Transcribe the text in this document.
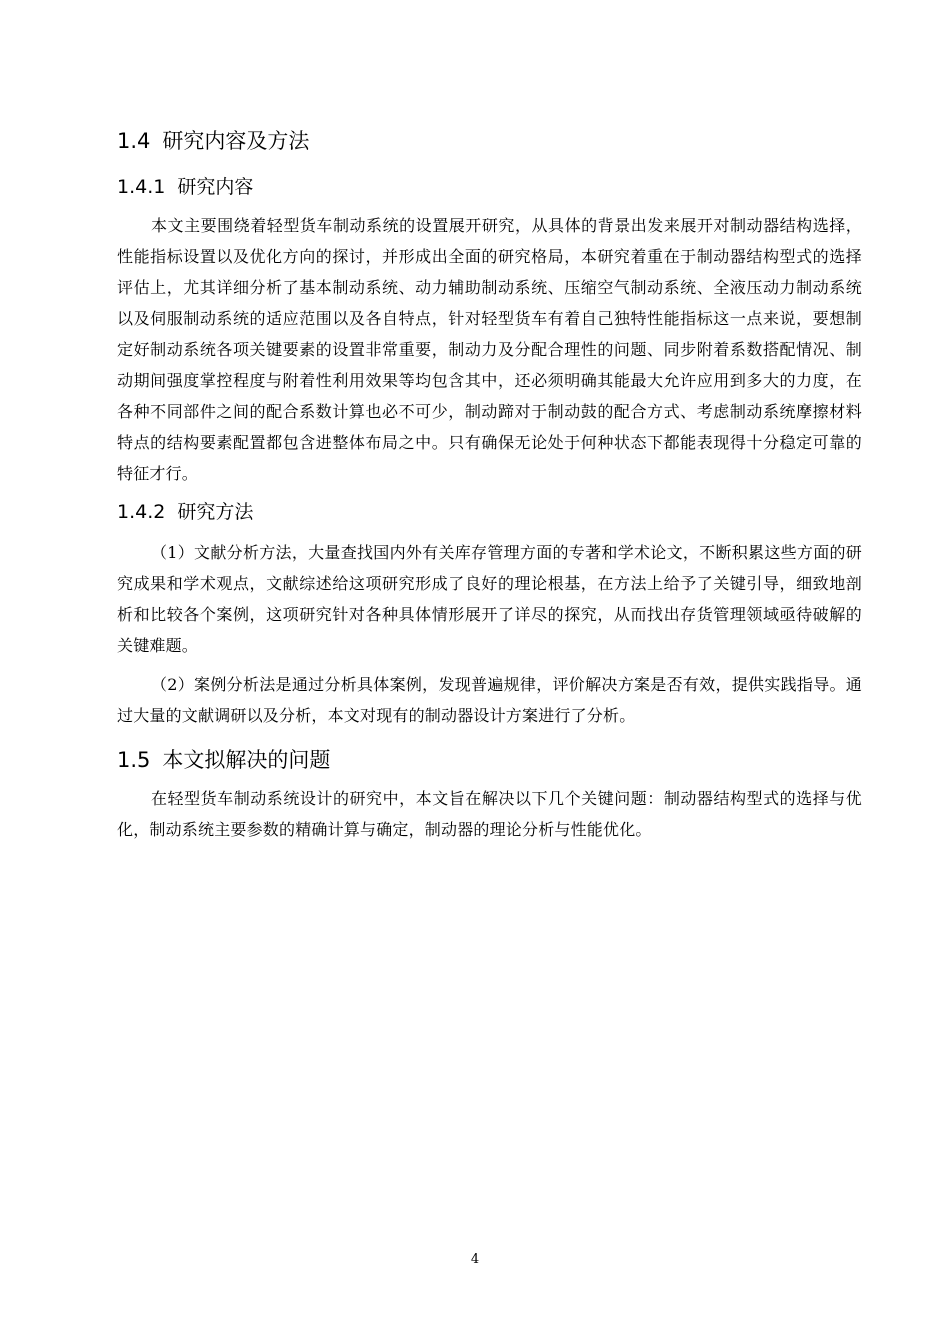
1.4 研究内容及方法
1.4.1 研究内容

本文主要围绕着轻型货车制动系统的设置展开研究，从具体的背景出发来展开对制动器结构选择，性能指标设置以及优化方向的探讨，并形成出全面的研究格局，本研究着重在于制动器结构型式的选择评估上，尤其详细分析了基本制动系统、动力辅助制动系统、压缩空气制动系统、全液压动力制动系统以及伺服制动系统的适应范围以及各自特点，针对轻型货车有着自己独特性能指标这一点来说，要想制定好制动系统各项关键要素的设置非常重要，制动力及分配合理性的问题、同步附着系数搭配情况、制动期间强度掌控程度与附着性利用效果等均包含其中，还必须明确其能最大允许应用到多大的力度，在各种不同部件之间的配合系数计算也必不可少，制动蹄对于制动鼓的配合方式、考虑制动系统摩擦材料特点的结构要素配置都包含进整体布局之中。只有确保无论处于何种状态下都能表现得十分稳定可靠的特征才行。

1.4.2 研究方法

（1）文献分析方法，大量查找国内外有关库存管理方面的专著和学术论文，不断积累这些方面的研究成果和学术观点，文献综述给这项研究形成了良好的理论根基，在方法上给予了关键引导，细致地剖析和比较各个案例，这项研究针对各种具体情形展开了详尽的探究，从而找出存货管理领域亟待破解的关键难题。

（2）案例分析法是通过分析具体案例，发现普遍规律，评价解决方案是否有效，提供实践指导。通过大量的文献调研以及分析，本文对现有的制动器设计方案进行了分析。

1.5 本文拟解决的问题

在轻型货车制动系统设计的研究中，本文旨在解决以下几个关键问题：制动器结构型式的选择与优化，制动系统主要参数的精确计算与确定，制动器的理论分析与性能优化。

4
